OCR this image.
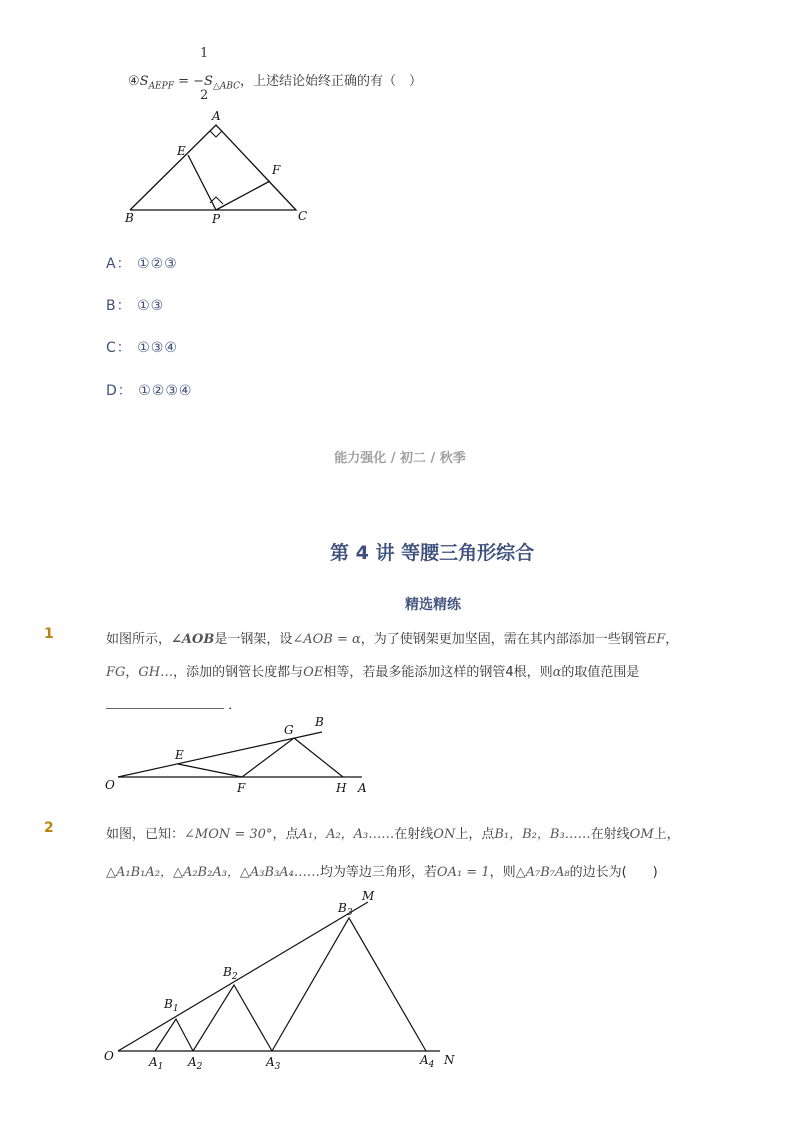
1
$④S_{AEPF} = -S_{\triangle ABC}$，上述结论始终正确的有（　）
2
A
E
F
B	P	C
A： ①②③
B： ①③
C： ①③④
D： ①②③④
能力强化 / 初二 / 秋季
第 4 讲 等腰三角形综合
精选精练
1	如图所示，∠AOB是一钢架，设∠AOB = α，为了使钢架更加坚固，需在其内部添加一些钢管EF，
FG，GH…，添加的钢管长度都与OE相等，若最多能添加这样的钢管4根，则α的取值范围是
．
B
G
E
O	F	H A
2	如图，已知：∠MON = 30°，点A₁，A₂，A₃……在射线ON上，点B₁，B₂，B₃……在射线OM上，
△A₁B₁A₂，△A₂B₂A₃，△A₃B₃A₄……均为等边三角形，若OA₁ = 1，则△A₇B₇A₈的边长为(　　)
M
$B_3$
$B_2$
$B_1$
O	$A_1$ $A_2$	$A_3$	$A_4$ N
